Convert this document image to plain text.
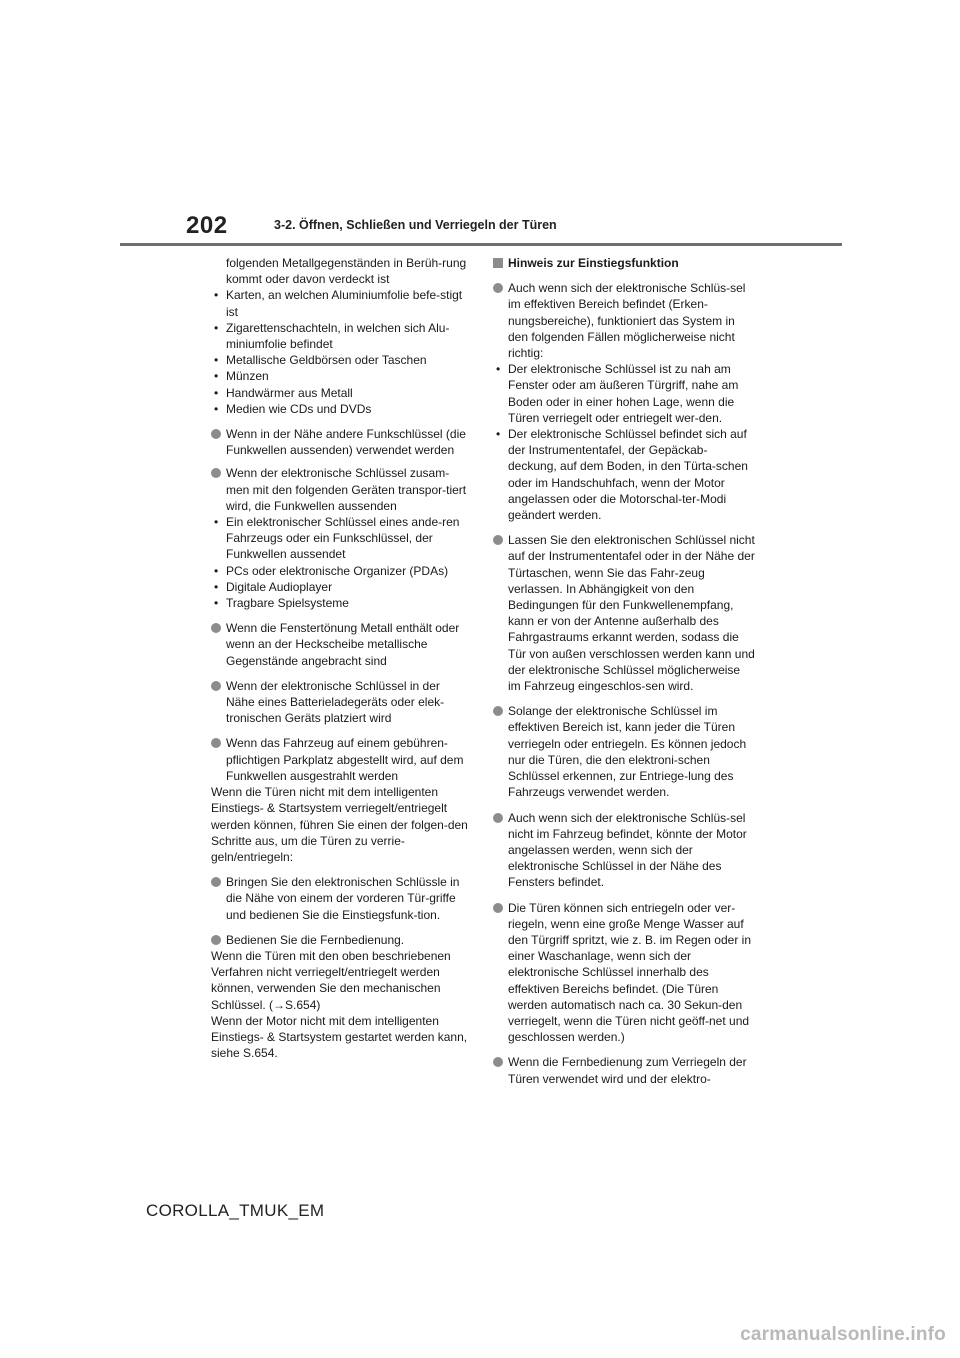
202	3-2. Öffnen, Schließen und Verriegeln der Türen

folgenden Metallgegenständen in Berüh-rung kommt oder davon verdeckt ist

• Karten, an welchen Aluminiumfolie befe-stigt ist
• Zigarettenschachteln, in welchen sich Alu-miniumfolie befindet
• Metallische Geldbörsen oder Taschen
• Münzen
• Handwärmer aus Metall
• Medien wie CDs und DVDs
Wenn in der Nähe andere Funkschlüssel (die Funkwellen aussenden) verwendet werden
Wenn der elektronische Schlüssel zusam-men mit den folgenden Geräten transpor-tiert wird, die Funkwellen aussenden
• Ein elektronischer Schlüssel eines ande-ren Fahrzeugs oder ein Funkschlüssel, der Funkwellen aussendet
• PCs oder elektronische Organizer (PDAs)
• Digitale Audioplayer
• Tragbare Spielsysteme
Wenn die Fenstertönung Metall enthält oder wenn an der Heckscheibe metallische Gegenstände angebracht sind
Wenn der elektronische Schlüssel in der Nähe eines Batterieladegeräts oder elek-tronischen Geräts platziert wird
Wenn das Fahrzeug auf einem gebühren-pflichtigen Parkplatz abgestellt wird, auf dem Funkwellen ausgestrahlt werden

Wenn die Türen nicht mit dem intelligenten Einstiegs- & Startsystem verriegelt/entriegelt werden können, führen Sie einen der folgen-den Schritte aus, um die Türen zu verrie-geln/entriegeln:

Bringen Sie den elektronischen Schlüssle in die Nähe von einem der vorderen Tür-griffe und bedienen Sie die Einstiegsfunk-tion.
Bedienen Sie die Fernbedienung.

Wenn die Türen mit den oben beschriebenen Verfahren nicht verriegelt/entriegelt werden können, verwenden Sie den mechanischen Schlüssel. (→S.654)

Wenn der Motor nicht mit dem intelligenten Einstiegs- & Startsystem gestartet werden kann, siehe S.654.

Hinweis zur Einstiegsfunktion
Auch wenn sich der elektronische Schlüs-sel im effektiven Bereich befindet (Erken-nungsbereiche), funktioniert das System in den folgenden Fällen möglicherweise nicht richtig:
• Der elektronische Schlüssel ist zu nah am Fenster oder am äußeren Türgriff, nahe am Boden oder in einer hohen Lage, wenn die Türen verriegelt oder entriegelt wer-den.
• Der elektronische Schlüssel befindet sich auf der Instrumententafel, der Gepäckab-deckung, auf dem Boden, in den Türta-schen oder im Handschuhfach, wenn der Motor angelassen oder die Motorschal-ter-Modi geändert werden.
Lassen Sie den elektronischen Schlüssel nicht auf der Instrumententafel oder in der Nähe der Türtaschen, wenn Sie das Fahr-zeug verlassen. In Abhängigkeit von den Bedingungen für den Funkwellenempfang, kann er von der Antenne außerhalb des Fahrgastraums erkannt werden, sodass die Tür von außen verschlossen werden kann und der elektronische Schlüssel möglicherweise im Fahrzeug eingeschlos-sen wird.
Solange der elektronische Schlüssel im effektiven Bereich ist, kann jeder die Türen verriegeln oder entriegeln. Es können jedoch nur die Türen, die den elektroni-schen Schlüssel erkennen, zur Entriege-lung des Fahrzeugs verwendet werden.
Auch wenn sich der elektronische Schlüs-sel nicht im Fahrzeug befindet, könnte der Motor angelassen werden, wenn sich der elektronische Schlüssel in der Nähe des Fensters befindet.
Die Türen können sich entriegeln oder ver-riegeln, wenn eine große Menge Wasser auf den Türgriff spritzt, wie z. B. im Regen oder in einer Waschanlage, wenn sich der elektronische Schlüssel innerhalb des effektiven Bereichs befindet. (Die Türen werden automatisch nach ca. 30 Sekun-den verriegelt, wenn die Türen nicht geöff-net und geschlossen werden.)
Wenn die Fernbedienung zum Verriegeln der Türen verwendet wird und der elektro-
COROLLA_TMUK_EM
carmanualsonline.info
